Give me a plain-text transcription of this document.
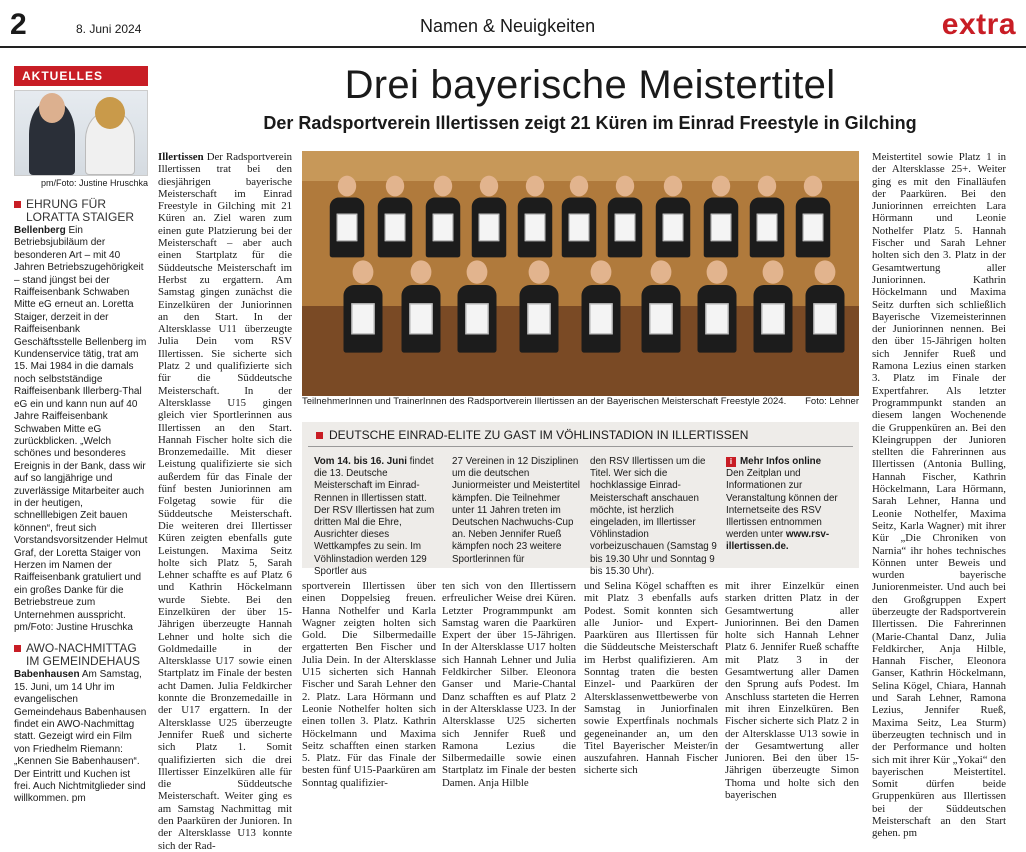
2	8. Juni 2024	Namen & Neuigkeiten	extra
AKTUELLES
pm/Foto: Justine Hruschka
EHRUNG FÜR LORATTA STAIGER
Bellenberg Ein Betriebsjubiläum der besonderen Art – mit 40 Jahren Betriebszugehörigkeit – stand jüngst bei der Raiffeisenbank Schwaben Mitte eG erneut an. Loretta Staiger, derzeit in der Raiffeisenbank Geschäftsstelle Bellenberg im Kundenservice tätig, trat am 15. Mai 1984 in die damals noch selbstständige Raiffeisenbank Illerberg-Thal eG ein und kann nun auf 40 Jahre Raiffeisenbank Schwaben Mitte eG zurückblicken. „Welch schönes und besonderes Ereignis in der Bank, dass wir auf so langjährige und zuverlässige Mitarbeiter auch in der heutigen, schnelllebigen Zeit bauen können“, freut sich Vorstandsvorsitzender Helmut Graf, der Loretta Staiger von Herzen im Namen der Raiffeisenbank gratuliert und ein großes Danke für die Betriebstreue zum Unternehmen ausspricht. pm/Foto: Justine Hruschka
AWO-NACHMITTAG IM GEMEINDEHAUS
Babenhausen Am Samstag, 15. Juni, um 14 Uhr im evangelischen Gemeindehaus Babenhausen findet ein AWO-Nachmittag statt. Gezeigt wird ein Film von Friedhelm Riemann: „Kennen Sie Babenhausen“. Der Eintritt und Kuchen ist frei. Auch Nichtmitglieder sind willkommen. pm
Drei bayerische Meistertitel
Der Radsportverein Illertissen zeigt 21 Küren im Einrad Freestyle in Gilching
Illertissen Der Radsportverein Illertissen trat bei den diesjährigen bayerische Meisterschaft im Einrad Freestyle in Gilching mit 21 Küren an. Ziel waren zum einen gute Platzierung bei der Meisterschaft – aber auch einen Startplatz für die Süddeutsche Meisterschaft im Herbst zu ergattern. Am Samstag gingen zunächst die Einzelküren der Juniorinnen an den Start. In der Altersklasse U11 überzeugte Julia Dein vom RSV Illertissen. Sie sicherte sich Platz 2 und qualifizierte sich für die Süddeutsche Meisterschaft. In der Altersklasse U15 gingen gleich vier Sportlerinnen aus Illertissen an den Start. Hannah Fischer holte sich die Bronzemedaille. Mit dieser Leistung qualifizierte sie sich außerdem für das Finale der fünf besten Juniorinnen am Folgetag sowie für die Süddeutsche Meisterschaft. Die weiteren drei Illertisser Küren zeigten ebenfalls gute Leistungen. Maxima Seitz holte sich Platz 5, Sarah Lehner schaffte es auf Platz 6 und Kathrin Höckelmann wurde Siebte. Bei den Einzelküren der über 15-Jährigen überzeugte Hannah Lehner und holte sich die Goldmedaille in der Altersklasse U17 sowie einen Startplatz im Finale der besten acht Damen. Julia Feldkircher konnte die Bronzemedaille in der U17 ergattern. In der Altersklasse U25 überzeugte Jennifer Rueß und sicherte sich Platz 1. Somit qualifizierten sich die drei Illertisser Einzelküren alle für die Süddeutsche Meisterschaft. Weiter ging es am Samstag Nachmittag mit den Paarküren der Junioren. In der Altersklasse U13 konnte sich der Rad-
TeilnehmerInnen und TrainerInnen des Radsportverein Illertissen an der Bayerischen Meisterschaft Freestyle 2024. Foto: Lehner
DEUTSCHE EINRAD-ELITE ZU GAST IM VÖHLINSTADION IN ILLERTISSEN
Vom 14. bis 16. Juni findet die 13. Deutsche Meisterschaft im Einrad-Rennen in Illertissen statt. Der RSV Illertissen hat zum dritten Mal die Ehre, Ausrichter dieses Wettkampfes zu sein. Im Vöhlinstadion werden 129 Sportler aus
27 Vereinen in 12 Disziplinen um die deutschen Juniormeister und Meistertitel kämpfen. Die Teilnehmer unter 11 Jahren treten im Deutschen Nachwuchs-Cup an. Neben Jennifer Rueß kämpfen noch 23 weitere Sportlerinnen für
den RSV Illertissen um die Titel. Wer sich die hochklassige Einrad-Meisterschaft anschauen möchte, ist herzlich eingeladen, im Illertisser Vöhlinstadion vorbeizuschauen (Samstag 9 bis 19.30 Uhr und Sonntag 9 bis 15.30 Uhr).
i Mehr Infos online
Den Zeitplan und Informationen zur Veranstaltung können der Internetseite des RSV Illertissen entnommen werden unter www.rsv-illertissen.de.
sportverein Illertissen über einen Doppelsieg freuen. Hanna Nothelfer und Karla Wagner zeigten holten sich Gold. Die Silbermedaille ergatterten Ben Fischer und Julia Dein. In der Altersklasse U15 sicherten sich Hannah Fischer und Sarah Lehner den 2. Platz. Lara Hörmann und Leonie Nothelfer holten sich einen tollen 3. Platz. Kathrin Höckelmann und Maxima Seitz schafften einen starken 5. Platz. Für das Finale der besten fünf U15-Paarküren am Sonntag qualifizier-
ten sich von den Illertissern erfreulicher Weise drei Küren. Letzter Programmpunkt am Samstag waren die Paarküren Expert der über 15-Jährigen. In der Altersklasse U17 holten sich Hannah Lehner und Julia Feldkircher Silber. Eleonora Ganser und Marie-Chantal Danz schafften es auf Platz 2 in der Altersklasse U23. In der Altersklasse U25 sicherten sich Jennifer Rueß und Ramona Lezius die Silbermedaille sowie einen Startplatz im Finale der besten Damen. Anja Hilble
und Selina Kögel schafften es mit Platz 3 ebenfalls aufs Podest. Somit konnten sich alle Junior- und Expert-Paarküren aus Illertissen für die Süddeutsche Meisterschaft im Herbst qualifizieren. Am Sonntag traten die besten Einzel- und Paarküren der Altersklassenwettbewerbe von Samstag in Juniorfinalen sowie Expertfinals nochmals gegeneinander an, um den Titel Bayerischer Meister/in auszufahren. Hannah Fischer sicherte sich
mit ihrer Einzelkür einen starken dritten Platz in der Gesamtwertung aller Juniorinnen. Bei den Damen holte sich Hannah Lehner Platz 6. Jennifer Rueß schaffte mit Platz 3 in der Gesamtwertung aller Damen den Sprung aufs Podest. Im Anschluss starteten die Herren mit ihren Einzelküren. Ben Fischer sicherte sich Platz 2 in der Altersklasse U13 sowie in der Gesamtwertung aller Junioren. Bei den über 15-Jährigen überzeugte Simon Thoma und holte sich den bayerischen
Meistertitel sowie Platz 1 in der Altersklasse 25+. Weiter ging es mit den Finalläufen der Paarküren. Bei den Juniorinnen erreichten Lara Hörmann und Leonie Nothelfer Platz 5. Hannah Fischer und Sarah Lehner holten sich den 3. Platz in der Gesamtwertung aller Juniorinnen. Kathrin Höckelmann und Maxima Seitz durften sich schließlich Bayerische Vizemeisterinnen der Juniorinnen nennen. Bei den über 15-Jährigen holten sich Jennifer Rueß und Ramona Lezius einen starken 3. Platz im Finale der Expertfahrer. Als letzter Programmpunkt standen an diesem langen Wochenende die Gruppenküren an. Bei den Kleingruppen der Junioren stellten die Fahrerinnen aus Illertissen (Antonia Bulling, Hannah Fischer, Kathrin Höckelmann, Lara Hörmann, Sarah Lehner, Hanna und Leonie Nothelfer, Maxima Seitz, Karla Wagner) mit ihrer Kür „Die Chroniken von Narnia“ ihr hohes technisches Können unter Beweis und wurden bayerische Juniorenmeister. Und auch bei den Großgruppen Expert überzeugte der Radsportverein Illertissen. Die Fahrerinnen (Marie-Chantal Danz, Julia Feldkircher, Anja Hilble, Hannah Fischer, Eleonora Ganser, Kathrin Höckelmann, Selina Kögel, Chiara, Hannah und Sarah Lehner, Ramona Lezius, Jennifer Rueß, Maxima Seitz, Lea Sturm) überzeugten technisch und in der Performance und holten sich mit ihrer Kür „Yokai“ den bayerischen Meistertitel. Somit dürfen beide Gruppenküren aus Illertissen bei der Süddeutschen Meisterschaft an den Start gehen. pm
